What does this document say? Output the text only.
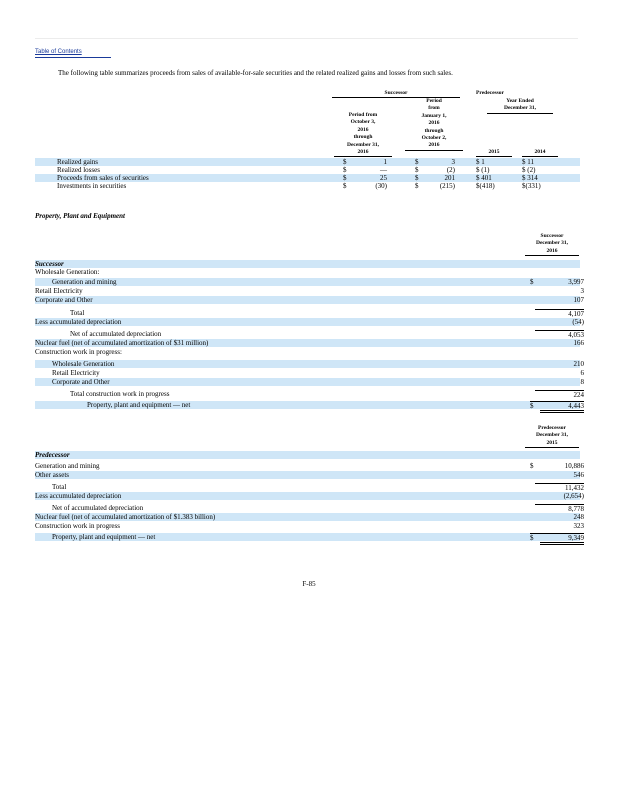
Table of Contents
The following table summarizes proceeds from sales of available-for-sale securities and the related realized gains and losses from such sales.
Successor	Predecessor
Period from
October 3,
2016
through
December 31,
2016
Period
from
January 1,
2016
through
October 2,
2016
Year Ended
December 31,
2015	2014
Realized gains	$	1	$	3	$ 1	$ 11
Realized losses	$	—	$	(2)	$ (1)	$ (2)
Proceeds from sales of securities	$	25	$	201	$ 401	$ 314
Investments in securities	$	(30)	$	(215)	$(418)	$(331)
Property, Plant and Equipment
Successor
December 31,
2016
Successor
Wholesale Generation:
Generation and mining	$	3,997
Retail Electricity	3
Corporate and Other	107
Total	4,107
Less accumulated depreciation	(54)
Net of accumulated depreciation	4,053
Nuclear fuel (net of accumulated amortization of $31 million)	166
Construction work in progress:
Wholesale Generation	210
Retail Electricity	6
Corporate and Other	8
Total construction work in progress	224
Property, plant and equipment — net	$	4,443
Predecessor
December 31,
2015
Predecessor
Generation and mining	$	10,886
Other assets	546
Total	11,432
Less accumulated depreciation	(2,654)
Net of accumulated depreciation	8,778
Nuclear fuel (net of accumulated amortization of $1.383 billion)	248
Construction work in progress	323
Property, plant and equipment — net	$	9,349
F-85
